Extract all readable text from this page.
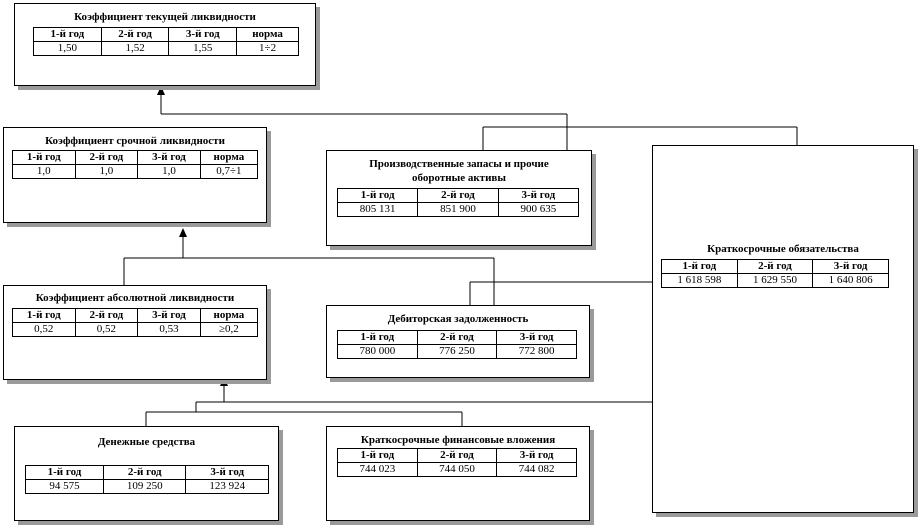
Коэффициент текущей ликвидности
1-й год	2-й год	3-й год	норма
1,50	1,52	1,55	1÷2
Коэффициент срочной ликвидности
1-й год	2-й год	3-й год	норма
1,0	1,0	1,0	0,7÷1
Производственные запасы и прочие
оборотные активы
1-й год	2-й год	3-й год
805 131	851 900	900 635
Краткосрочные обязательства
1-й год	2-й год	3-й год
1 618 598	1 629 550	1 640 806
Коэффициент абсолютной ликвидности
1-й год	2-й год	3-й год	норма
0,52	0,52	0,53	≥0,2
Дебиторская задолженность
1-й год	2-й год	3-й год
780 000	776 250	772 800
Денежные средства
1-й год	2-й год	3-й год
94 575	109 250	123 924
Краткосрочные финансовые вложения
1-й год	2-й год	3-й год
744 023	744 050	744 082
